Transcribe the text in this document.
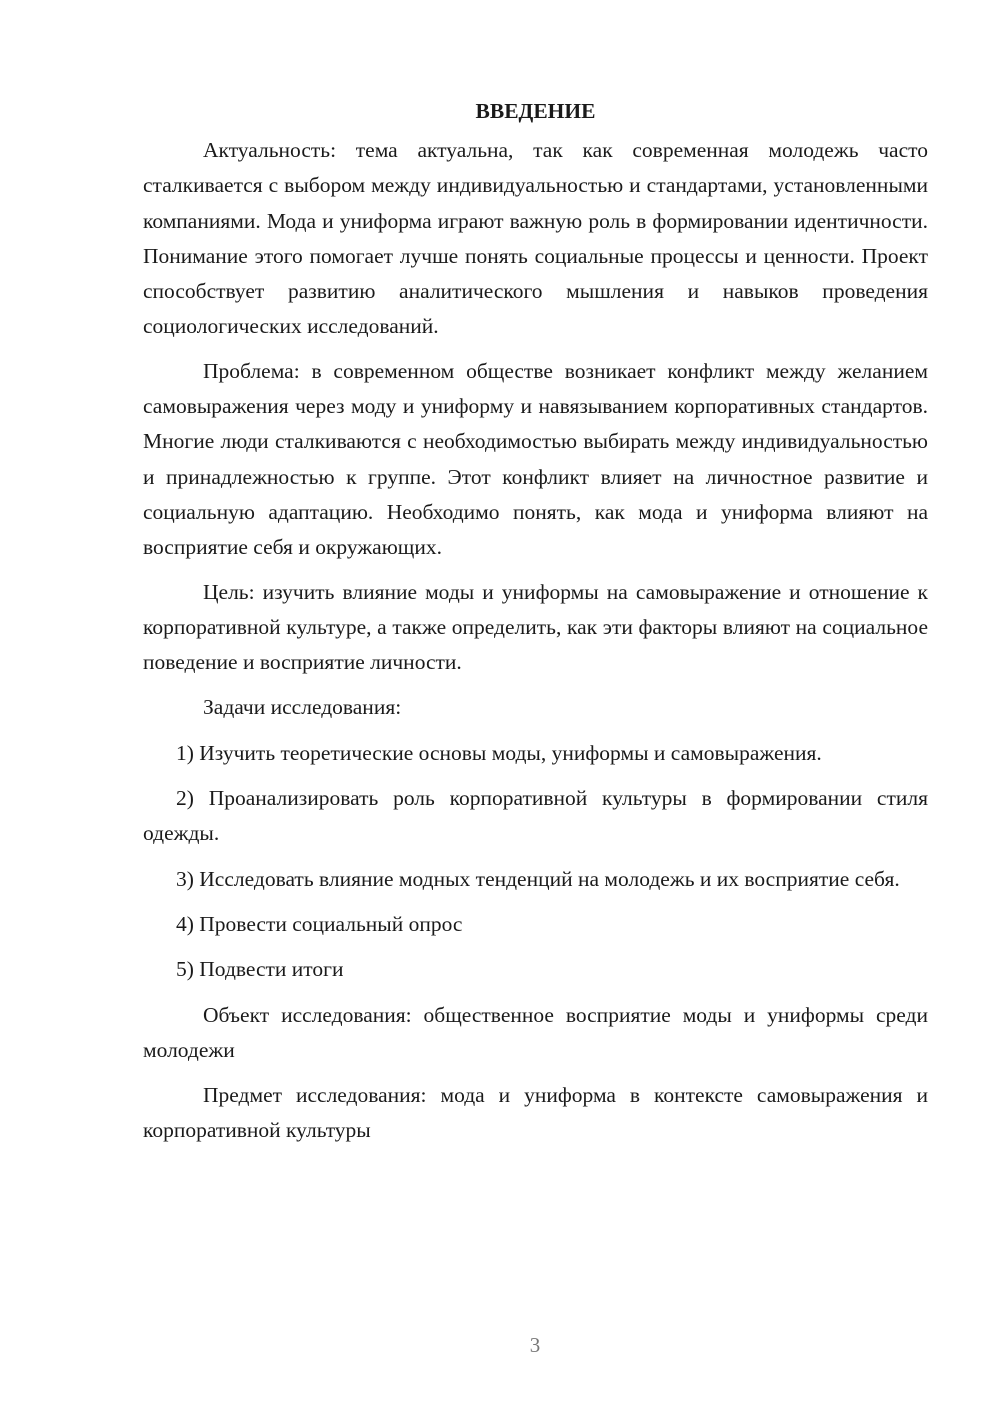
ВВЕДЕНИЕ

Актуальность: тема актуальна, так как современная молодежь часто сталкивается с выбором между индивидуальностью и стандартами, установленными компаниями. Мода и униформа играют важную роль в формировании идентичности. Понимание этого помогает лучше понять социальные процессы и ценности. Проект способствует развитию аналитического мышления и навыков проведения социологических исследований.

Проблема: в современном обществе возникает конфликт между желанием самовыражения через моду и униформу и навязыванием корпоративных стандартов. Многие люди сталкиваются с необходимостью выбирать между индивидуальностью и принадлежностью к группе. Этот конфликт влияет на личностное развитие и социальную адаптацию. Необходимо понять, как мода и униформа влияют на восприятие себя и окружающих.

Цель: изучить влияние моды и униформы на самовыражение и отношение к корпоративной культуре, а также определить, как эти факторы влияют на социальное поведение и восприятие личности.

Задачи исследования:

1) Изучить теоретические основы моды, униформы и самовыражения.

2) Проанализировать роль корпоративной культуры в формировании стиля одежды.

3) Исследовать влияние модных тенденций на молодежь и их восприятие себя.

4) Провести социальный опрос

5) Подвести итоги

Объект исследования: общественное восприятие моды и униформы среди молодежи

Предмет исследования: мода и униформа в контексте самовыражения и корпоративной культуры

3
